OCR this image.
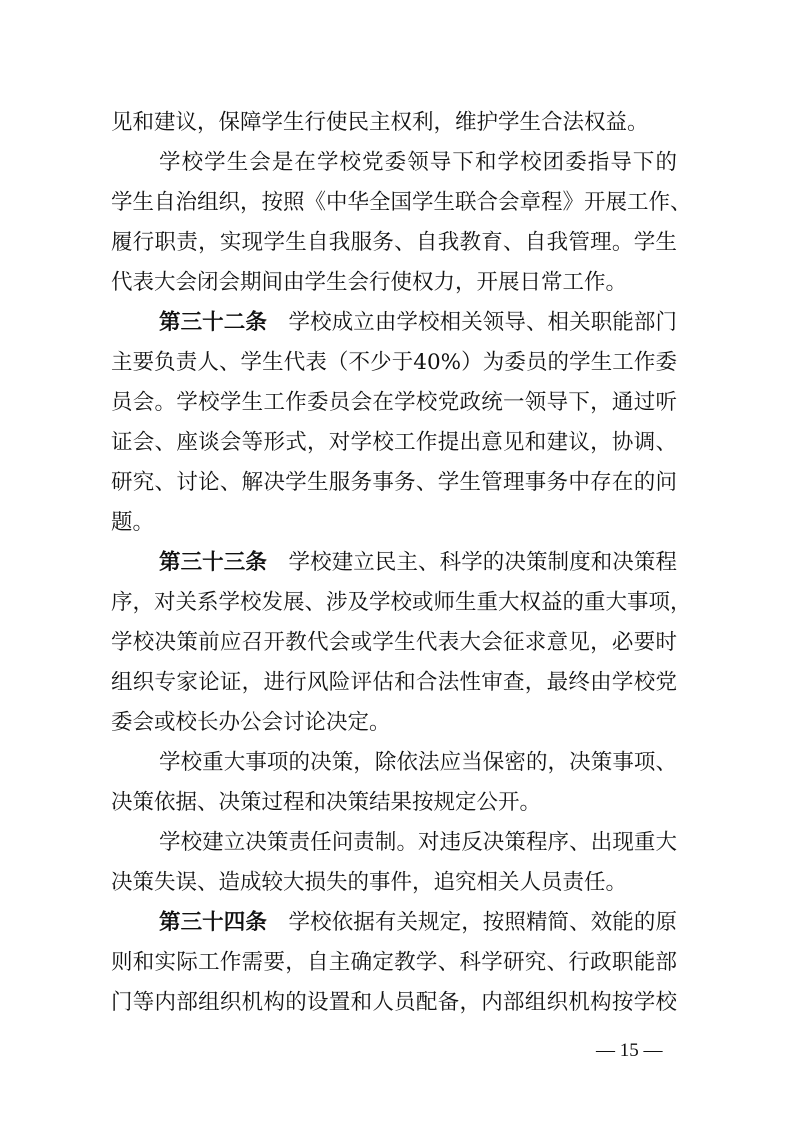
见和建议，保障学生行使民主权利，维护学生合法权益。
学校学生会是在学校党委领导下和学校团委指导下的
学生自治组织，按照《中华全国学生联合会章程》开展工作、
履行职责，实现学生自我服务、自我教育、自我管理。学生
代表大会闭会期间由学生会行使权力，开展日常工作。
第三十二条　 学校成立由学校相关领导、相关职能部门
主要负责人、学生代表（不少于40%）为委员的学生工作委
员会。学校学生工作委员会在学校党政统一领导下，通过听
证会、座谈会等形式，对学校工作提出意见和建议，协调、
研究、讨论、解决学生服务事务、学生管理事务中存在的问
题。
第三十三条　 学校建立民主、科学的决策制度和决策程
序，对关系学校发展、涉及学校或师生重大权益的重大事项，
学校决策前应召开教代会或学生代表大会征求意见，必要时
组织专家论证，进行风险评估和合法性审查，最终由学校党
委会或校长办公会讨论决定。
学校重大事项的决策，除依法应当保密的，决策事项、
决策依据、决策过程和决策结果按规定公开。
学校建立决策责任问责制。对违反决策程序、出现重大
决策失误、造成较大损失的事件，追究相关人员责任。
第三十四条　 学校依据有关规定，按照精简、效能的原
则和实际工作需要，自主确定教学、科学研究、行政职能部
门等内部组织机构的设置和人员配备，内部组织机构按学校
— 15 —
